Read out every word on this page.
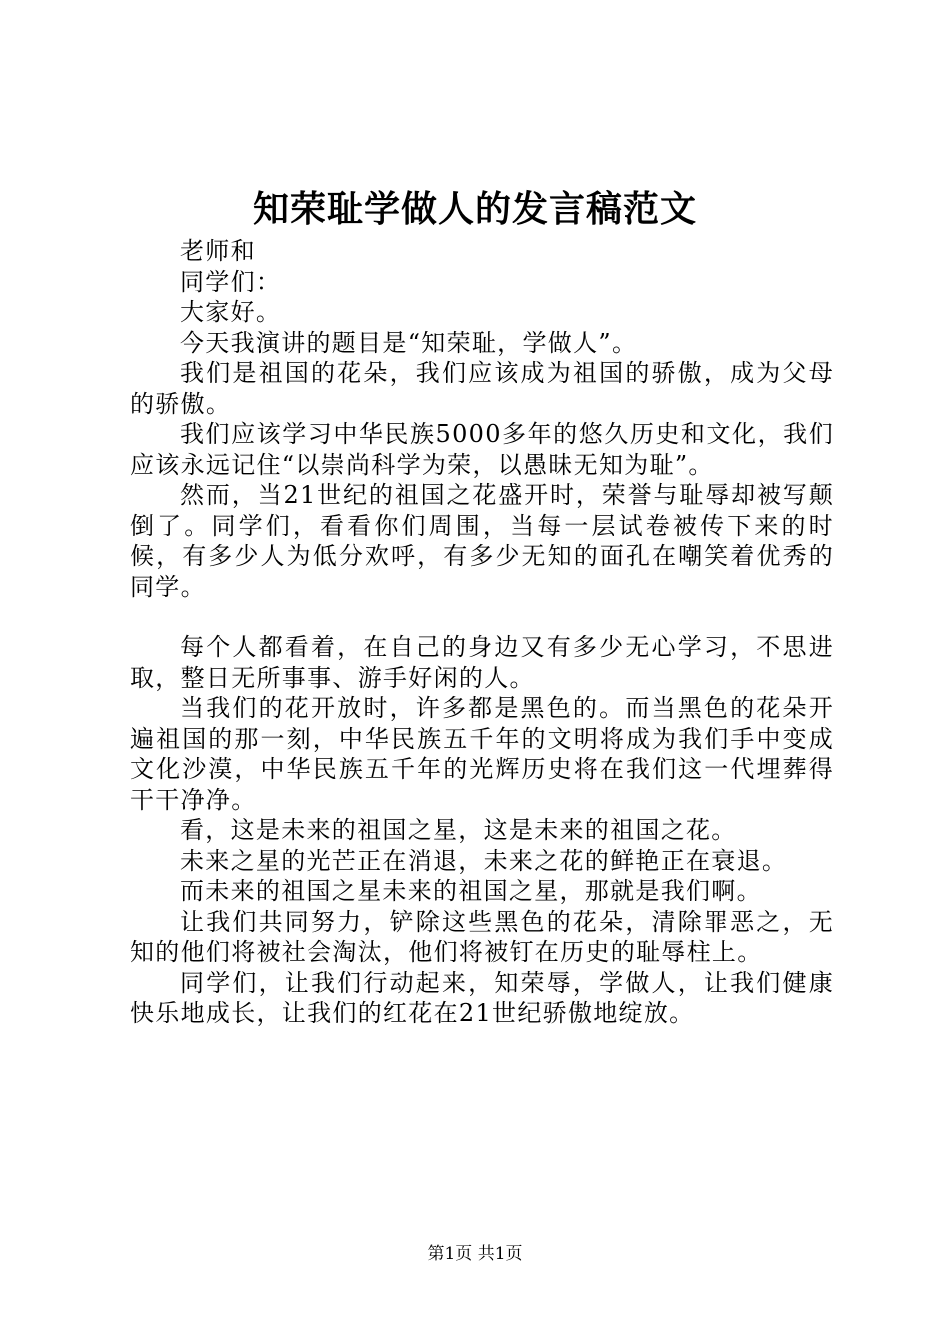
知荣耻学做人的发言稿范文

老师和

同学们：

大家好。

今天我演讲的题目是“知荣耻，学做人”。

我们是祖国的花朵，我们应该成为祖国的骄傲，成为父母的骄傲。

我们应该学习中华民族5000多年的悠久历史和文化，我们应该永远记住“以崇尚科学为荣，以愚昧无知为耻”。

然而，当21世纪的祖国之花盛开时，荣誉与耻辱却被写颠倒了。同学们，看看你们周围，当每一层试卷被传下来的时候，有多少人为低分欢呼，有多少无知的面孔在嘲笑着优秀的同学。

每个人都看着，在自己的身边又有多少无心学习，不思进取，整日无所事事、游手好闲的人。

当我们的花开放时，许多都是黑色的。而当黑色的花朵开遍祖国的那一刻，中华民族五千年的文明将成为我们手中变成文化沙漠，中华民族五千年的光辉历史将在我们这一代埋葬得干干净净。

看，这是未来的祖国之星，这是未来的祖国之花。

未来之星的光芒正在消退，未来之花的鲜艳正在衰退。

而未来的祖国之星未来的祖国之星，那就是我们啊。

让我们共同努力，铲除这些黑色的花朵，清除罪恶之，无知的他们将被社会淘汰，他们将被钉在历史的耻辱柱上。

同学们，让我们行动起来，知荣辱，学做人，让我们健康快乐地成长，让我们的红花在21世纪骄傲地绽放。

第1页 共1页
